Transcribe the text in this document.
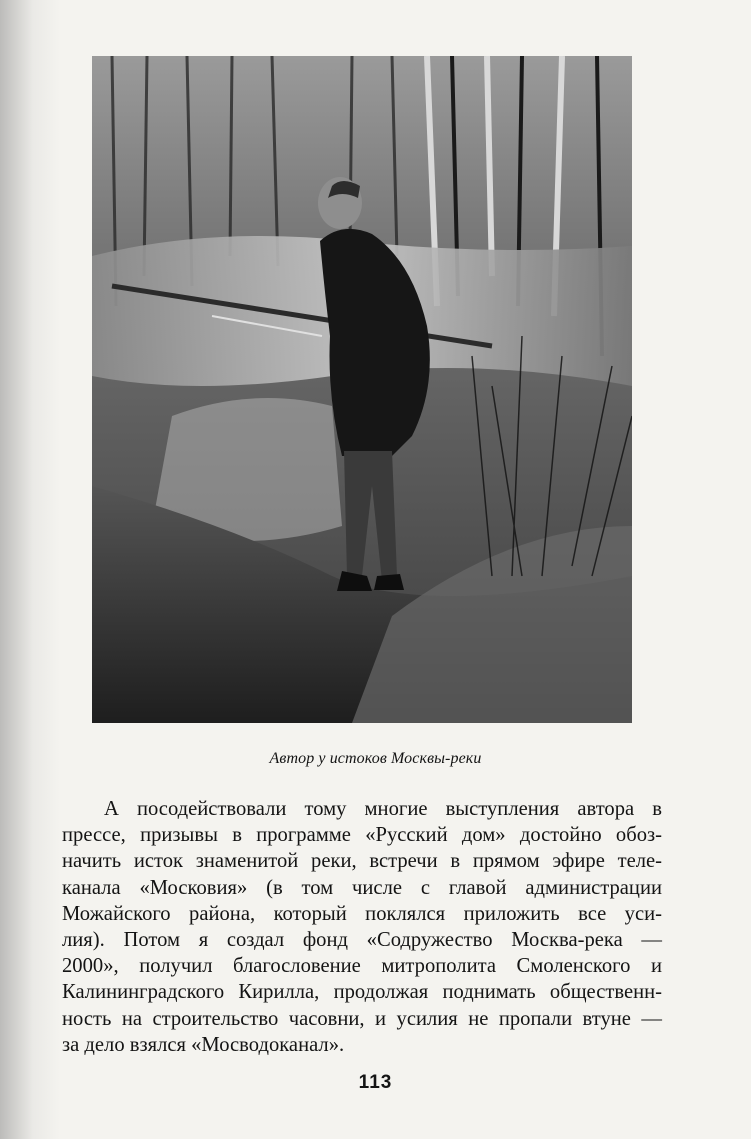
Автор у истоков Москвы-реки
А посодействовали тому многие выступления автора в
прессе, призывы в программе «Русский дом» достойно обоз-
начить исток знаменитой реки, встречи в прямом эфире теле-
канала «Московия» (в том числе с главой администрации
Можайского района, который поклялся приложить все уси-
лия). Потом я создал фонд «Содружество Москва-река —
2000», получил благословение митрополита Смоленского и
Калининградского Кирилла, продолжая поднимать общественн-
ность на строительство часовни, и усилия не пропали втуне —
за дело взялся «Мосводоканал».
113
